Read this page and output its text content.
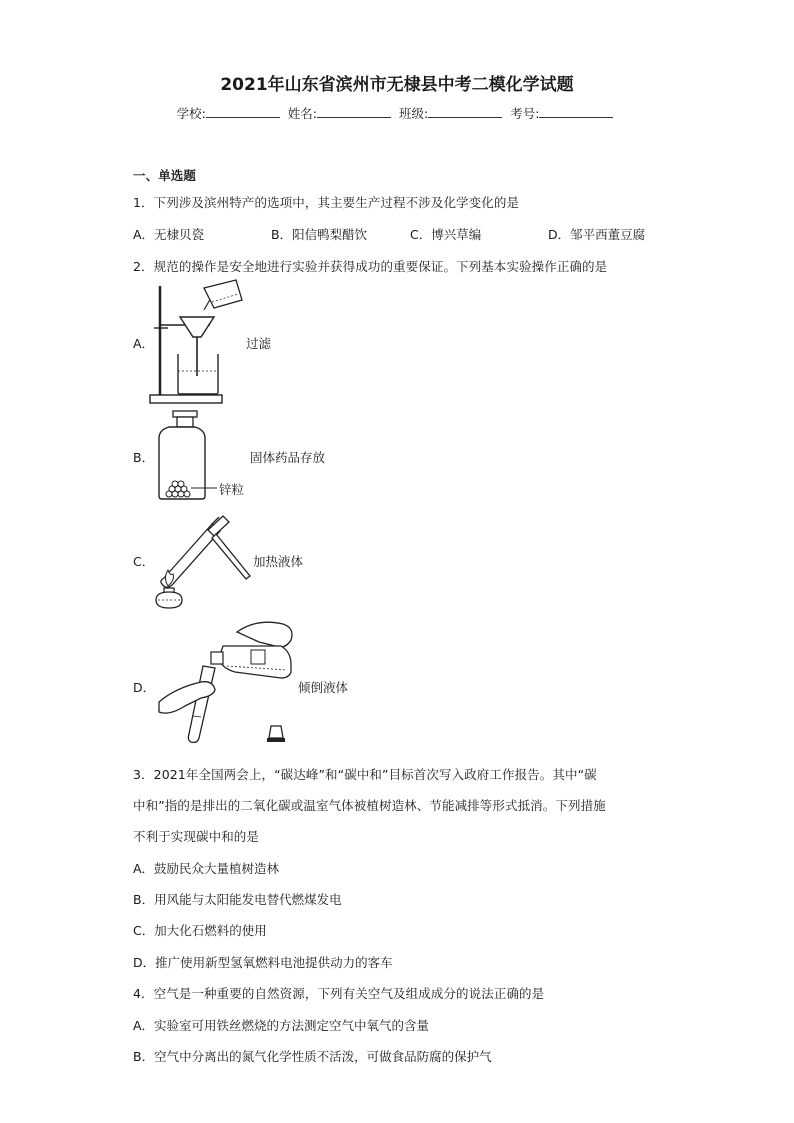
2021年山东省滨州市无棣县中考二模化学试题
学校:	姓名:	班级:	考号:
一、单选题
1．下列涉及滨州特产的选项中，其主要生产过程不涉及化学变化的是
A．无棣贝瓷	B．阳信鸭梨醋饮	C．博兴草编	D．邹平西董豆腐
2．规范的操作是安全地进行实验并获得成功的重要保证。下列基本实验操作正确的是
A．	过滤
B．	固体药品存放
锌粒
C．	加热液体
D．	倾倒液体
3．2021年全国两会上，“碳达峰”和“碳中和”目标首次写入政府工作报告。其中“碳
中和”指的是排出的二氧化碳或温室气体被植树造林、节能减排等形式抵消。下列措施
不利于实现碳中和的是
A．鼓励民众大量植树造林
B．用风能与太阳能发电替代燃煤发电
C．加大化石燃料的使用
D．推广使用新型氢氧燃料电池提供动力的客车
4．空气是一种重要的自然资源，下列有关空气及组成成分的说法正确的是
A．实验室可用铁丝燃烧的方法测定空气中氧气的含量
B．空气中分离出的氮气化学性质不活泼，可做食品防腐的保护气
